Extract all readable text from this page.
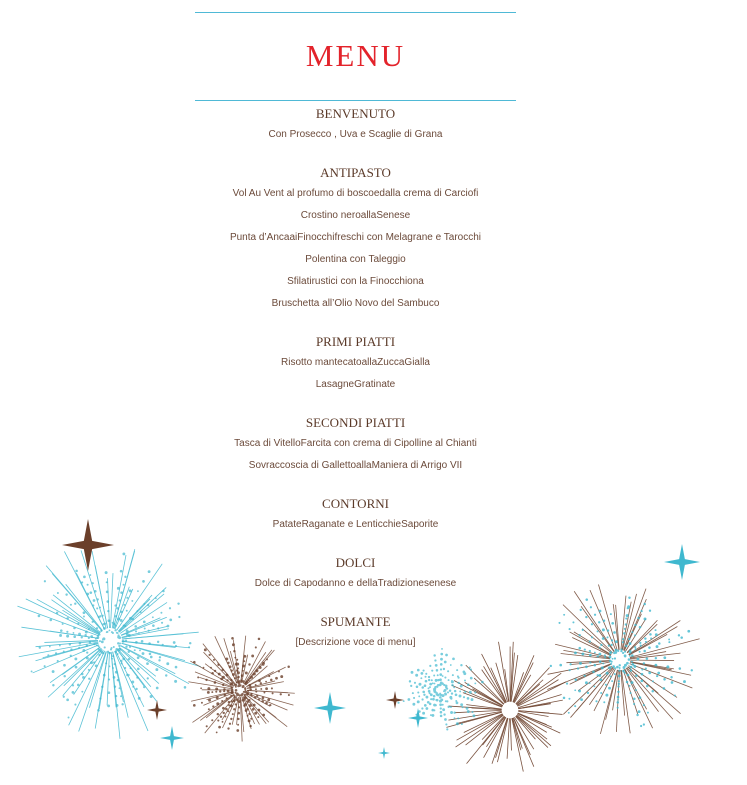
MENU
BENVENUTO
Con Prosecco , Uva e Scaglie di Grana
ANTIPASTO
Vol Au Vent al profumo di boscoedalla crema di Carciofi
Crostino neroallaSenese
Punta d’AncaaiFinocchifreschi con Melagrane e Tarocchi
Polentina con Taleggio
Sfilatirustici con la Finocchiona
Bruschetta all’Olio Novo del Sambuco
PRIMI PIATTI
Risotto mantecatoallaZuccaGialla
LasagneGratinate
SECONDI PIATTI
Tasca di VitelloFarcita con crema di Cipolline al Chianti
Sovraccoscia di GallettoallaManiera di Arrigo VII
CONTORNI
PatateRaganate e LenticchieSaporite
DOLCI
Dolce di Capodanno e dellaTradizionesenese
SPUMANTE
[Descrizione voce di menu]
